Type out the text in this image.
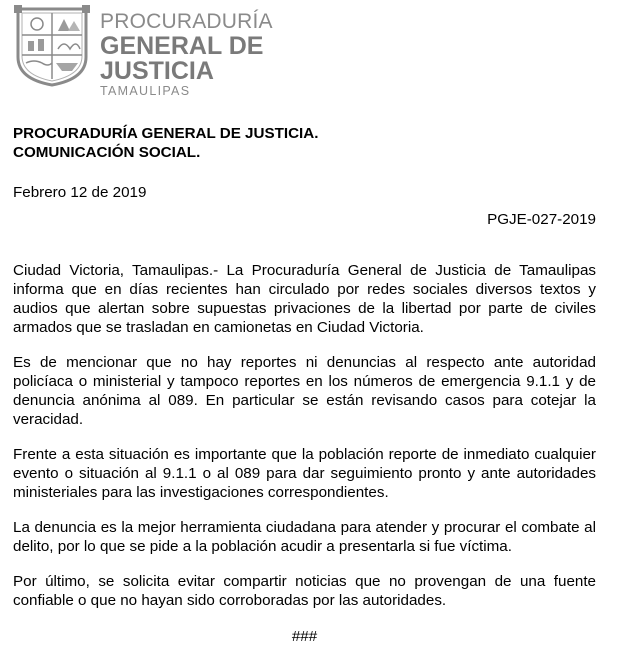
PROCURADURÍA
GENERAL DE
JUSTICIA
TAMAULIPAS

PROCURADURÍA GENERAL DE JUSTICIA.

COMUNICACIÓN SOCIAL.

Febrero 12 de 2019

PGJE-027-2019

Ciudad Victoria, Tamaulipas.- La Procuraduría General de Justicia de Tamaulipas informa que en días recientes han circulado por redes sociales diversos textos y audios que alertan sobre supuestas privaciones de la libertad por parte de civiles armados que se trasladan en camionetas en Ciudad Victoria.

Es de mencionar que no hay reportes ni denuncias al respecto ante autoridad policíaca o ministerial y tampoco reportes en los números de emergencia 9.1.1 y de denuncia anónima al 089. En particular se están revisando casos para cotejar la veracidad.

Frente a esta situación es importante que la población reporte de inmediato cualquier evento o situación al 9.1.1 o al 089 para dar seguimiento pronto y ante autoridades ministeriales para las investigaciones correspondientes.

La denuncia es la mejor herramienta ciudadana para atender y procurar el combate al delito, por lo que se pide a la población acudir a presentarla si fue víctima.

Por último, se solicita evitar compartir noticias que no provengan de una fuente confiable o que no hayan sido corroboradas por las autoridades.

###
